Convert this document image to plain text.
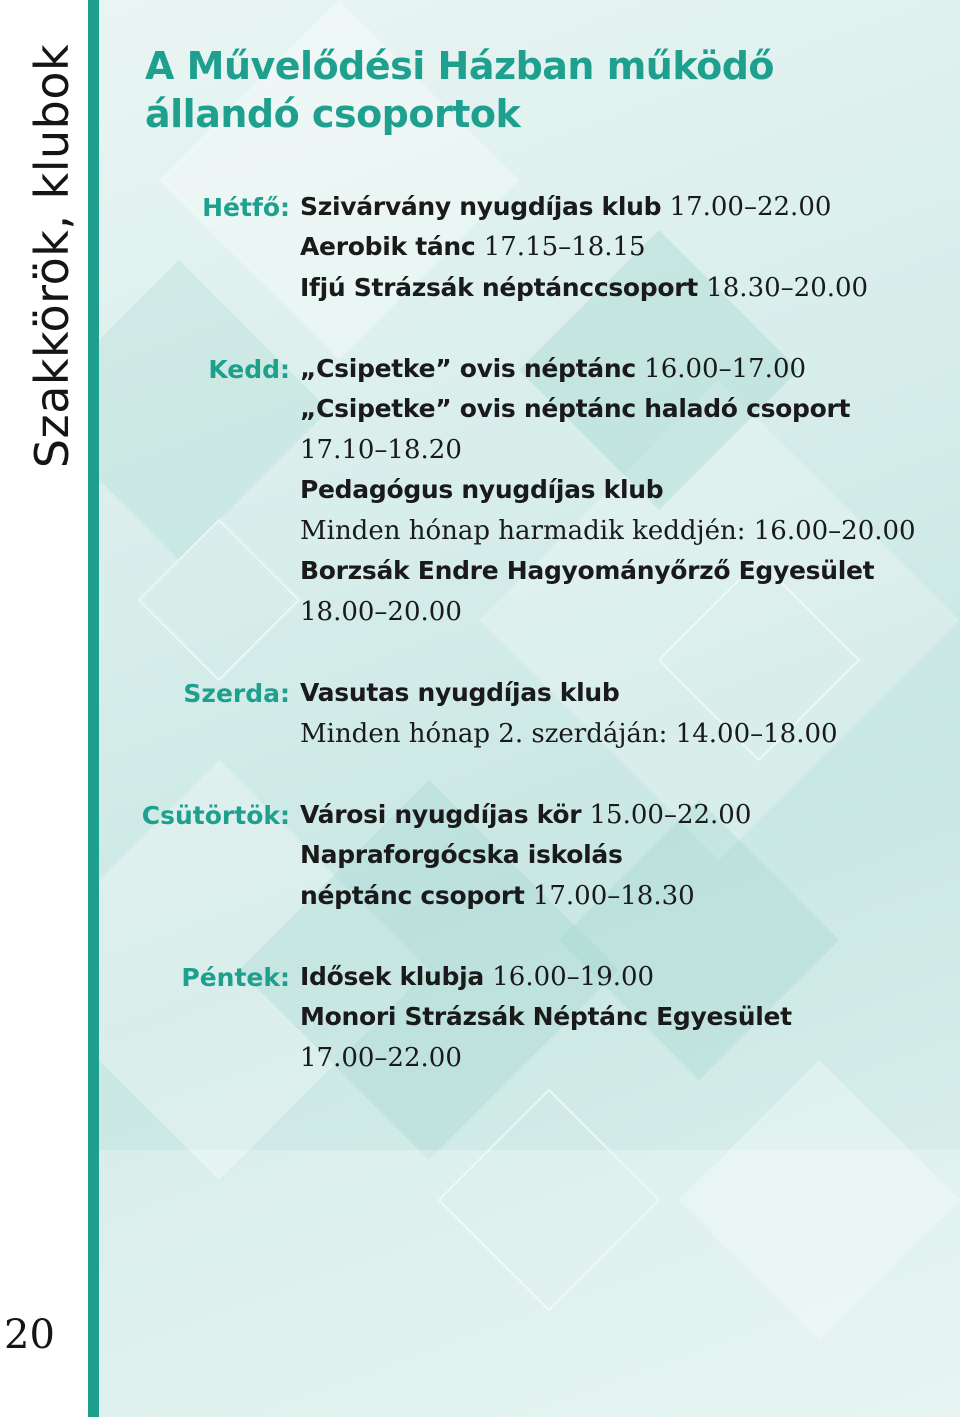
Szakkörök, klubok
20
A Művelődési Házban működő
állandó csoportok
Hétfő: Szivárvány nyugdíjas klub 17.00–22.00
Aerobik tánc 17.15–18.15
Ifjú Strázsák néptánccsoport 18.30–20.00
Kedd: „Csipetke” ovis néptánc 16.00–17.00
„Csipetke” ovis néptánc haladó csoport
17.10–18.20
Pedagógus nyugdíjas klub
Minden hónap harmadik keddjén: 16.00–20.00
Borzsák Endre Hagyományőrző Egyesület
18.00–20.00
Szerda: Vasutas nyugdíjas klub
Minden hónap 2. szerdáján: 14.00–18.00
Csütörtök: Városi nyugdíjas kör 15.00–22.00
Napraforgócska iskolás
néptánc csoport 17.00–18.30
Péntek: Idősek klubja 16.00–19.00
Monori Strázsák Néptánc Egyesület
17.00–22.00
